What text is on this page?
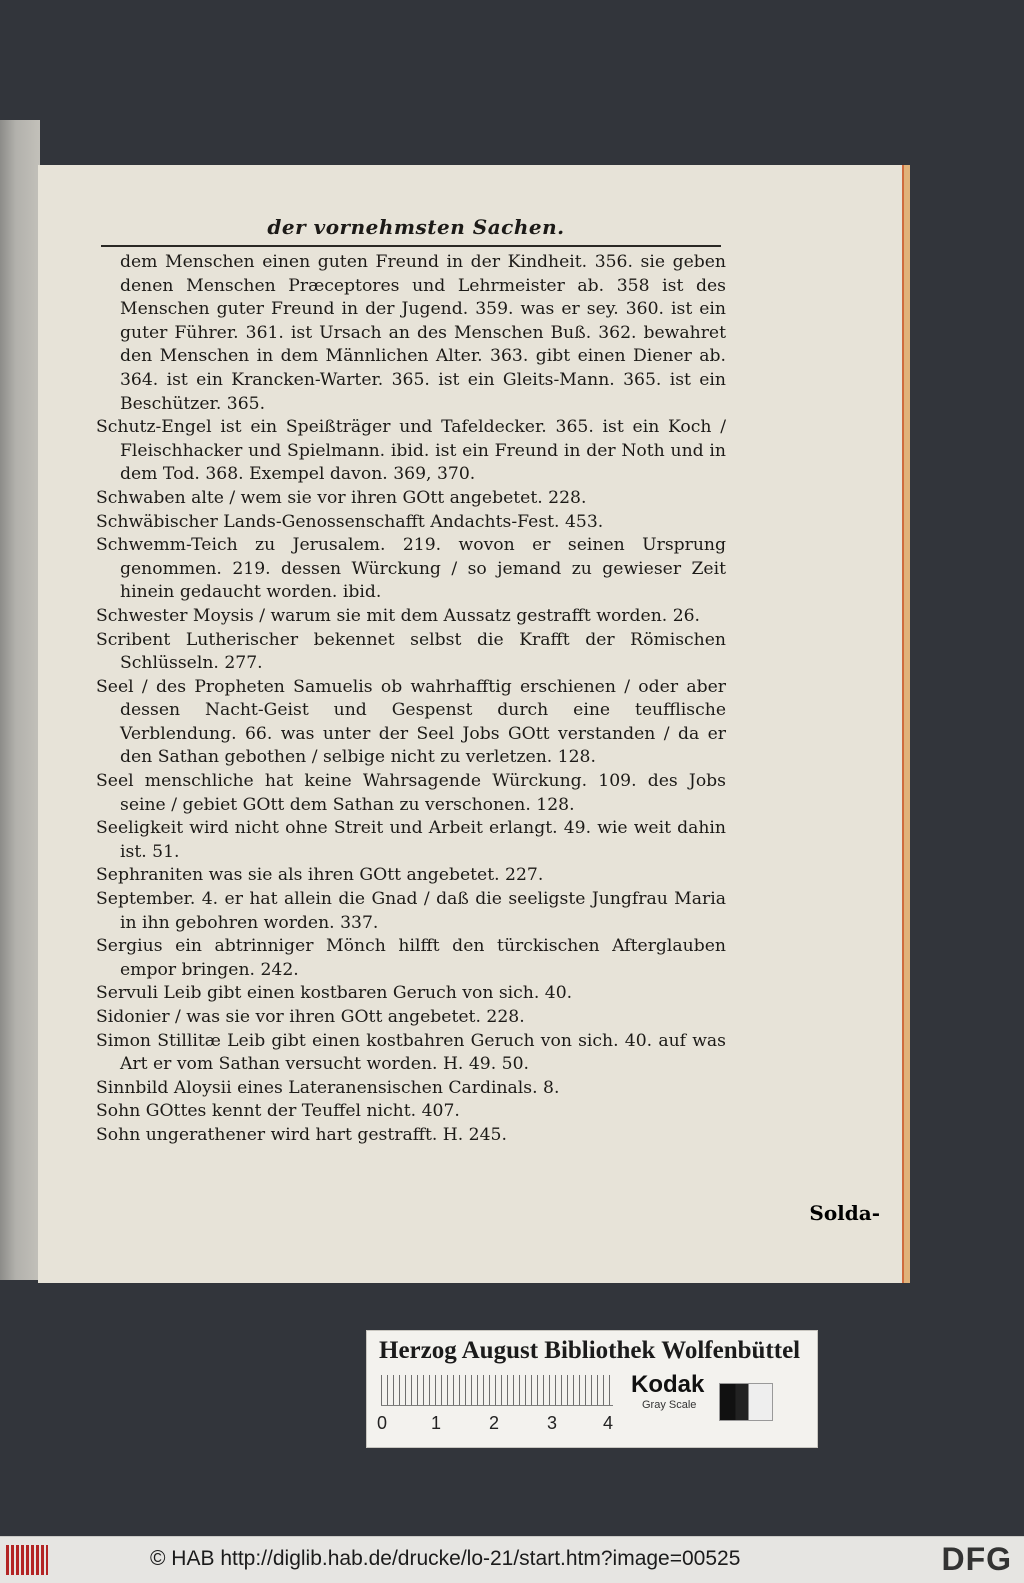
der vornehmsten Sachen.
dem Menschen einen guten Freund in der Kindheit. 356. sie geben denen Menschen Præceptores und Lehrmeister ab. 358 ist des Menschen guter Freund in der Jugend. 359. was er sey. 360. ist ein guter Führer. 361. ist Ursach an des Menschen Buß. 362. bewahret den Menschen in dem Männlichen Alter. 363. gibt einen Diener ab. 364. ist ein Krancken-Warter. 365. ist ein Gleits-Mann. 365. ist ein Beschützer. 365.
Schutz-Engel ist ein Speißträger und Tafeldecker. 365. ist ein Koch / Fleischhacker und Spielmann. ibid. ist ein Freund in der Noth und in dem Tod. 368. Exempel davon. 369, 370.
Schwaben alte / wem sie vor ihren GOtt angebetet. 228.
Schwäbischer Lands-Genossenschafft Andachts-Fest. 453.
Schwemm-Teich zu Jerusalem. 219. wovon er seinen Ursprung genommen. 219. dessen Würckung / so jemand zu gewieser Zeit hinein gedaucht worden. ibid.
Schwester Moysis / warum sie mit dem Aussatz gestrafft worden. 26.
Scribent Lutherischer bekennet selbst die Krafft der Römischen Schlüsseln. 277.
Seel / des Propheten Samuelis ob wahrhafftig erschienen / oder aber dessen Nacht-Geist und Gespenst durch eine teufflische Verblendung. 66. was unter der Seel Jobs GOtt verstanden / da er den Sathan gebothen / selbige nicht zu verletzen. 128.
Seel menschliche hat keine Wahrsagende Würckung. 109. des Jobs seine / gebiet GOtt dem Sathan zu verschonen. 128.
Seeligkeit wird nicht ohne Streit und Arbeit erlangt. 49. wie weit dahin ist. 51.
Sephraniten was sie als ihren GOtt angebetet. 227.
September. 4. er hat allein die Gnad / daß die seeligste Jungfrau Maria in ihn gebohren worden. 337.
Sergius ein abtrinniger Mönch hilfft den türckischen Afterglauben empor bringen. 242.
Servuli Leib gibt einen kostbaren Geruch von sich. 40.
Sidonier / was sie vor ihren GOtt angebetet. 228.
Simon Stillitæ Leib gibt einen kostbahren Geruch von sich. 40. auf was Art er vom Sathan versucht worden. H. 49. 50.
Sinnbild Aloysii eines Lateranensischen Cardinals. 8.
Sohn GOttes kennt der Teuffel nicht. 407.
Sohn ungerathener wird hart gestrafft. H. 245.
Solda-
Herzog August Bibliothek Wolfenbüttel
0 1	2	3	4
Kodak
Gray Scale
© HAB http://diglib.hab.de/drucke/lo-21/start.htm?image=00525	DFG
